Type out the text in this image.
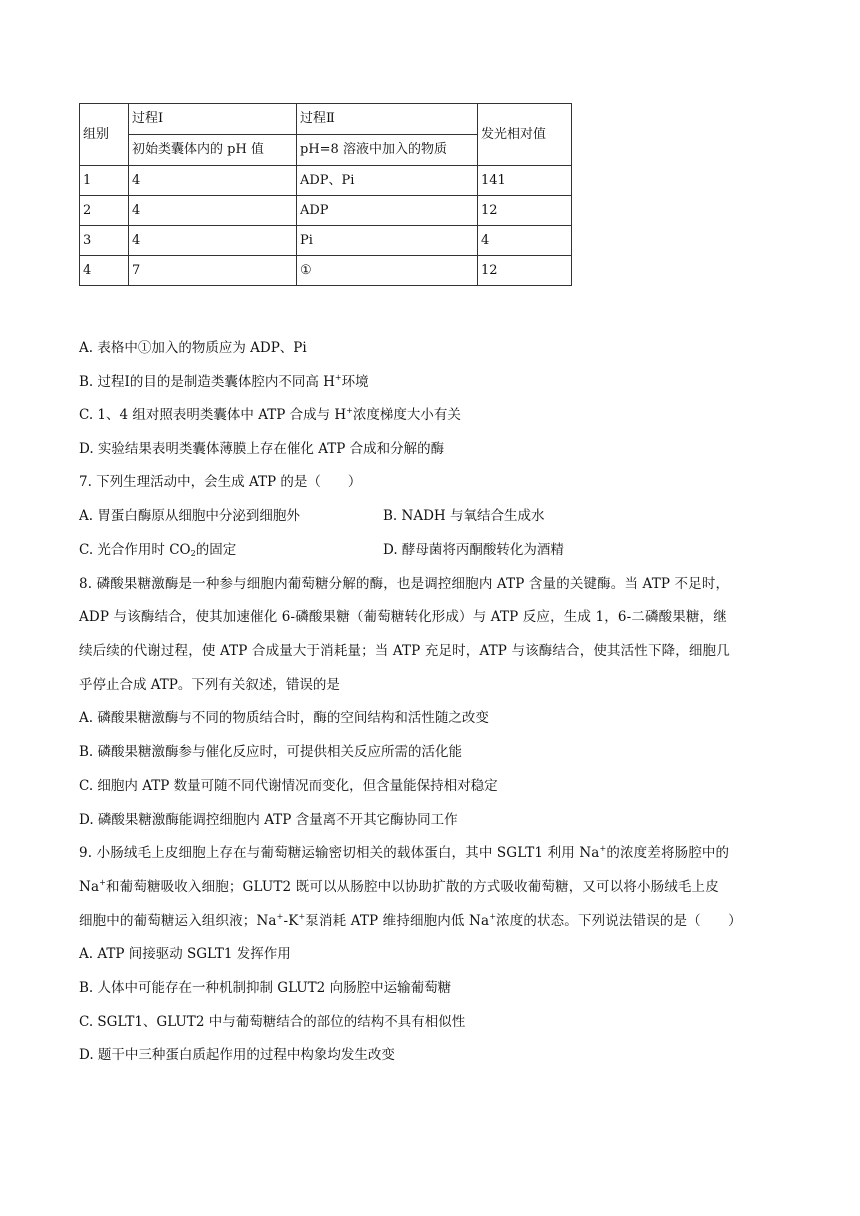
组别	过程Ⅰ	过程Ⅱ	发光相对值
	初始类囊体内的 pH 值	pH=8 溶液中加入的物质	
1	4	ADP、Pi	141
2	4	ADP	12
3	4	Pi	4
4	7	①	12
A. 表格中①加入的物质应为 ADP、Pi
B. 过程Ⅰ的目的是制造类囊体腔内不同高 H+环境
C. 1、4 组对照表明类囊体中 ATP 合成与 H+浓度梯度大小有关
D. 实验结果表明类囊体薄膜上存在催化 ATP 合成和分解的酶
7. 下列生理活动中，会生成 ATP 的是（　　）
A. 胃蛋白酶原从细胞中分泌到细胞外	B. NADH 与氧结合生成水
C. 光合作用时 $CO_2$的固定	D. 酵母菌将丙酮酸转化为酒精
8. 磷酸果糖激酶是一种参与细胞内葡萄糖分解的酶，也是调控细胞内 ATP 含量的关键酶。当 ATP 不足时，
ADP 与该酶结合，使其加速催化 6-磷酸果糖（葡萄糖转化形成）与 ATP 反应，生成 1，6-二磷酸果糖，继
续后续的代谢过程，使 ATP 合成量大于消耗量；当 ATP 充足时，ATP 与该酶结合，使其活性下降，细胞几
乎停止合成 ATP。下列有关叙述，错误的是
A. 磷酸果糖激酶与不同的物质结合时，酶的空间结构和活性随之改变
B. 磷酸果糖激酶参与催化反应时，可提供相关反应所需的活化能
C. 细胞内 ATP 数量可随不同代谢情况而变化，但含量能保持相对稳定
D. 磷酸果糖激酶能调控细胞内 ATP 含量离不开其它酶协同工作
9. 小肠绒毛上皮细胞上存在与葡萄糖运输密切相关的载体蛋白，其中 SGLT1 利用 Na+的浓度差将肠腔中的
Na+和葡萄糖吸收入细胞；GLUT2 既可以从肠腔中以协助扩散的方式吸收葡萄糖，又可以将小肠绒毛上皮
细胞中的葡萄糖运入组织液；Na+-K+泵消耗 ATP 维持细胞内低 Na+浓度的状态。下列说法错误的是（　　）
A. ATP 间接驱动 SGLT1 发挥作用
B. 人体中可能存在一种机制抑制 GLUT2 向肠腔中运输葡萄糖
C. SGLT1、GLUT2 中与葡萄糖结合的部位的结构不具有相似性
D. 题干中三种蛋白质起作用的过程中构象均发生改变
